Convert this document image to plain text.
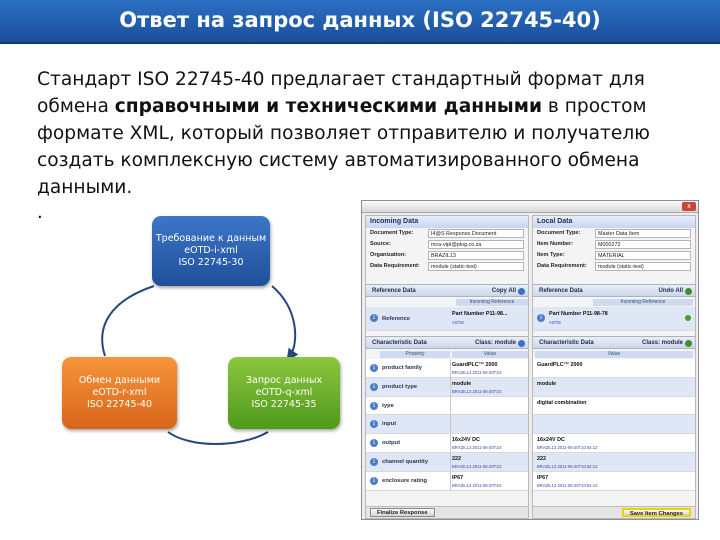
Ответ на запрос данных (ISO 22745-40)

Стандарт ISO 22745-40 предлагает стандартный формат для обмена справочными и техническими данными в простом формате XML, который позволяет отправителю и получателю создать комплексную систему автоматизированного обмена данными.

.
Требование к данным
eOTD-i-xml
ISO 22745-30
Обмен данными
eOTD-r-xml
ISO 22745-40
Запрос данных
eOTD-q-xml
ISO 22745-35
x
Incoming Data
Document Type:	I4@S Response Document
Source:	mca-vtpl@plog.co.za
Organization:	BRAZIL13
Data Requirement:	module (static-test)
Reference Data	Copy All
Incoming Reference
i	Reference
Part Number P11-98...
ASTM
Characteristic Data	Class: module
Property	Value
i	product family	GuardPLC™ 2000
BRAZIL13 2011-06-20T10:
i	product type	module
BRAZIL13 2011-06-20T10:
i	type
i	input
i	output	16x24V DC
BRAZIL13 2011-06-20T10:
i	channel quantity	222
BRAZIL13 2011-06-20T10:
i	enclosure rating	IP67
BRAZIL13 2011-06-20T10:
Finalize Response
Local Data
Document Type:	Master Data Item
Item Number:	M000272
Item Type:	MATERIAL
Data Requirement:	module (static-test)
Reference Data	Undo All
Incoming Reference
i	Part Number P11-98-78
ASTM
Characteristic Data	Class: module
Value
GuardPLC™ 2000
module
digital combination
16x24V DC
BRAZIL13 2011-06-20T10:54:12
222
BRAZIL13 2011-06-20T10:54:12
IP67
BRAZIL13 2011-06-20T10:54:12
Save Item Changes
